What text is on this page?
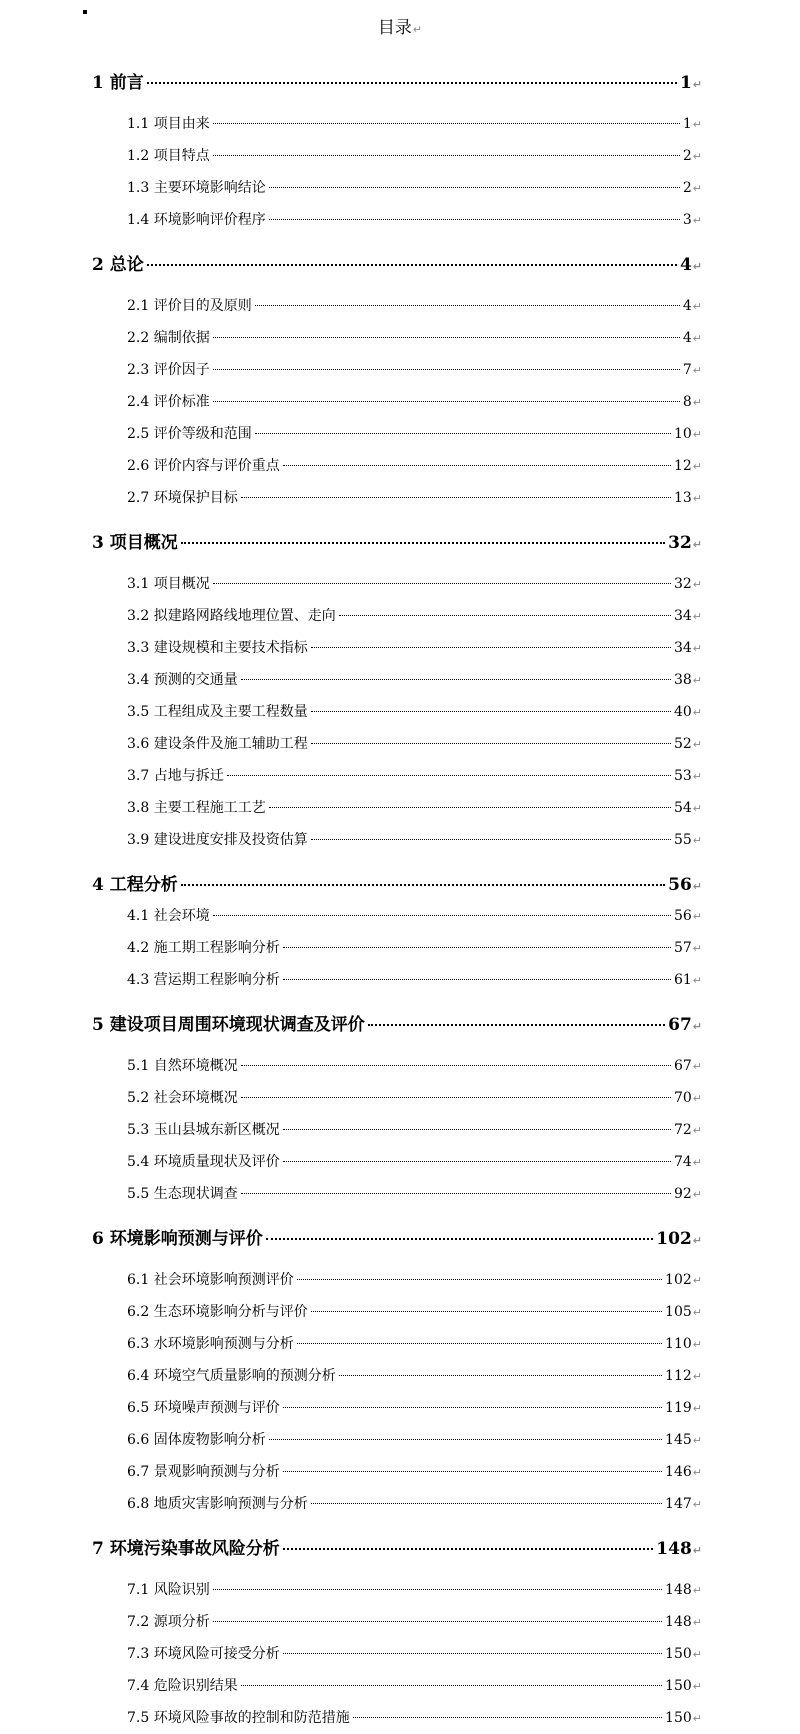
目录↵
1 前言	1 ↵
1.1 项目由来	1 ↵
1.2 项目特点	2 ↵
1.3 主要环境影响结论	2 ↵
1.4 环境影响评价程序	3 ↵
2 总论	4 ↵
2.1 评价目的及原则	4 ↵
2.2 编制依据	4 ↵
2.3 评价因子	7 ↵
2.4 评价标准	8 ↵
2.5 评价等级和范围	10 ↵
2.6 评价内容与评价重点	12 ↵
2.7 环境保护目标	13 ↵
3 项目概况	32 ↵
3.1 项目概况	32 ↵
3.2 拟建路网路线地理位置、走向	34 ↵
3.3 建设规模和主要技术指标	34 ↵
3.4 预测的交通量	38 ↵
3.5 工程组成及主要工程数量	40 ↵
3.6 建设条件及施工辅助工程	52 ↵
3.7 占地与拆迁	53 ↵
3.8 主要工程施工工艺	54 ↵
3.9 建设进度安排及投资估算	55 ↵
4 工程分析	56 ↵
4.1 社会环境	56 ↵
4.2 施工期工程影响分析	57 ↵
4.3 营运期工程影响分析	61 ↵
5 建设项目周围环境现状调查及评价	67 ↵
5.1 自然环境概况	67 ↵
5.2 社会环境概况	70 ↵
5.3 玉山县城东新区概况	72 ↵
5.4 环境质量现状及评价	74 ↵
5.5 生态现状调查	92 ↵
6 环境影响预测与评价	102 ↵
6.1 社会环境影响预测评价	102 ↵
6.2 生态环境影响分析与评价	105 ↵
6.3 水环境影响预测与分析	110 ↵
6.4 环境空气质量影响的预测分析	112 ↵
6.5 环境噪声预测与评价	119 ↵
6.6 固体废物影响分析	145 ↵
6.7 景观影响预测与分析	146 ↵
6.8 地质灾害影响预测与分析	147 ↵
7 环境污染事故风险分析	148 ↵
7.1 风险识别	148 ↵
7.2 源项分析	148 ↵
7.3 环境风险可接受分析	150 ↵
7.4 危险识别结果	150 ↵
7.5 环境风险事故的控制和防范措施	150 ↵
